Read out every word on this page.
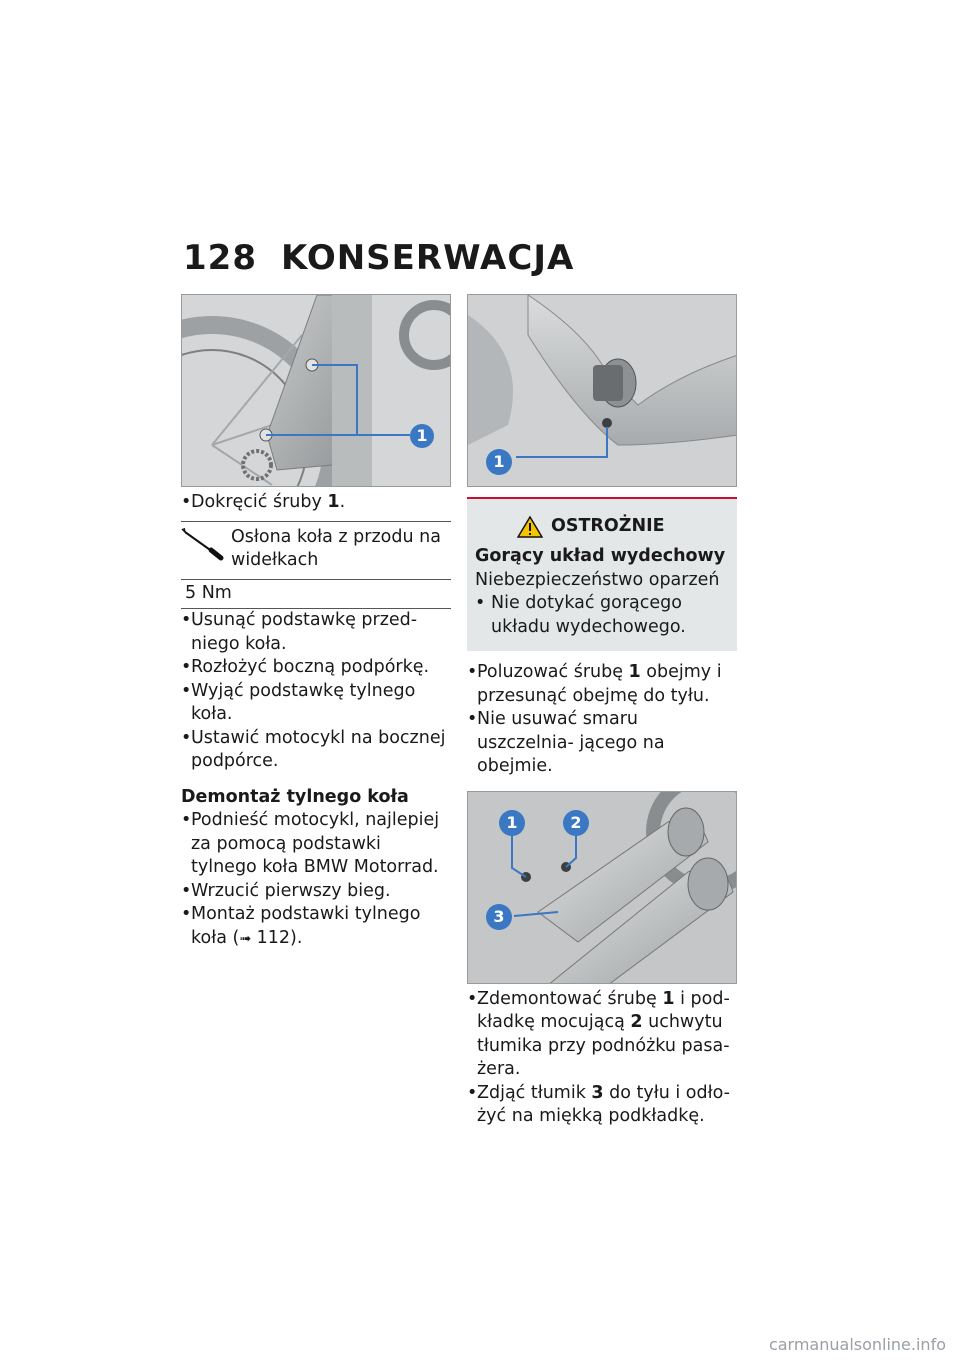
128 KONSERWACJA
1
• Dokręcić śruby 1.
Osłona koła z przodu na widełkach
5 Nm
• Usunąć podstawkę przed- niego koła.
• Rozłożyć boczną podpórkę.
• Wyjąć podstawkę tylnego koła.
• Ustawić motocykl na bocznej podpórce.
Demontaż tylnego koła
• Podnieść motocykl, najlepiej za pomocą podstawki tylnego koła BMW Motorrad.
• Wrzucić pierwszy bieg.
• Montaż podstawki tylnego koła (➟ 112).
1
OSTROŻNIE
Gorący układ wydechowy
Niebezpieczeństwo oparzeń
• Nie dotykać gorącego układu wydechowego.
• Poluzować śrubę 1 obejmy i przesunąć obejmę do tyłu.
• Nie usuwać smaru uszczelnia- jącego na obejmie.
1	2
3
• Zdemontować śrubę 1 i pod- kładkę mocującą 2 uchwytu tłumika przy podnóżku pasa- żera.
• Zdjąć tłumik 3 do tyłu i odło- żyć na miękką podkładkę.
carmanualsonline.info
